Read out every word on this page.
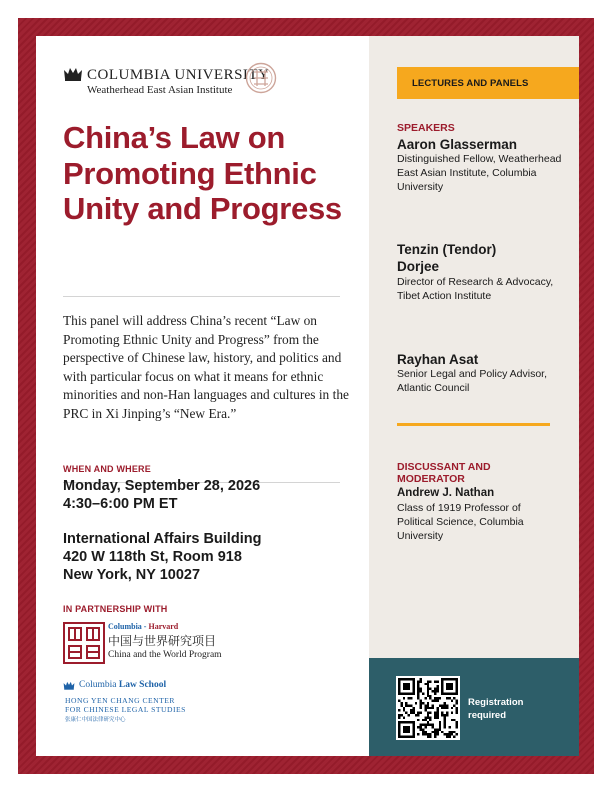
COLUMBIA UNIVERSITY
Weatherhead East Asian Institute
China’s Law on Promoting Ethnic Unity and Progress
This panel will address China’s recent “Law on Promoting Ethnic Unity and Progress” from the perspective of Chinese law, history, and politics and with particular focus on what it means for ethnic minorities and non-Han languages and cultures in the PRC in Xi Jinping’s “New Era.”
WHEN AND WHERE
Monday, September 28, 2026
4:30–6:00 PM ET
International Affairs Building
420 W 118th St, Room 918
New York, NY 10027
IN PARTNERSHIP WITH
Columbia - Harvard
中国与世界研究项目
China and the World Program
Columbia Law School
HONG YEN CHANG CENTER
FOR CHINESE LEGAL STUDIES
张康仁中国法律研究中心
LECTURES AND PANELS
SPEAKERS
Aaron Glasserman
Distinguished Fellow, Weatherhead East Asian Institute, Columbia University
Tenzin (Tendor) Dorjee
Director of Research & Advocacy, Tibet Action Institute
Rayhan Asat
Senior Legal and Policy Advisor, Atlantic Council
DISCUSSANT AND MODERATOR
Andrew J. Nathan
Class of 1919 Professor of Political Science, Columbia University
Registration required
